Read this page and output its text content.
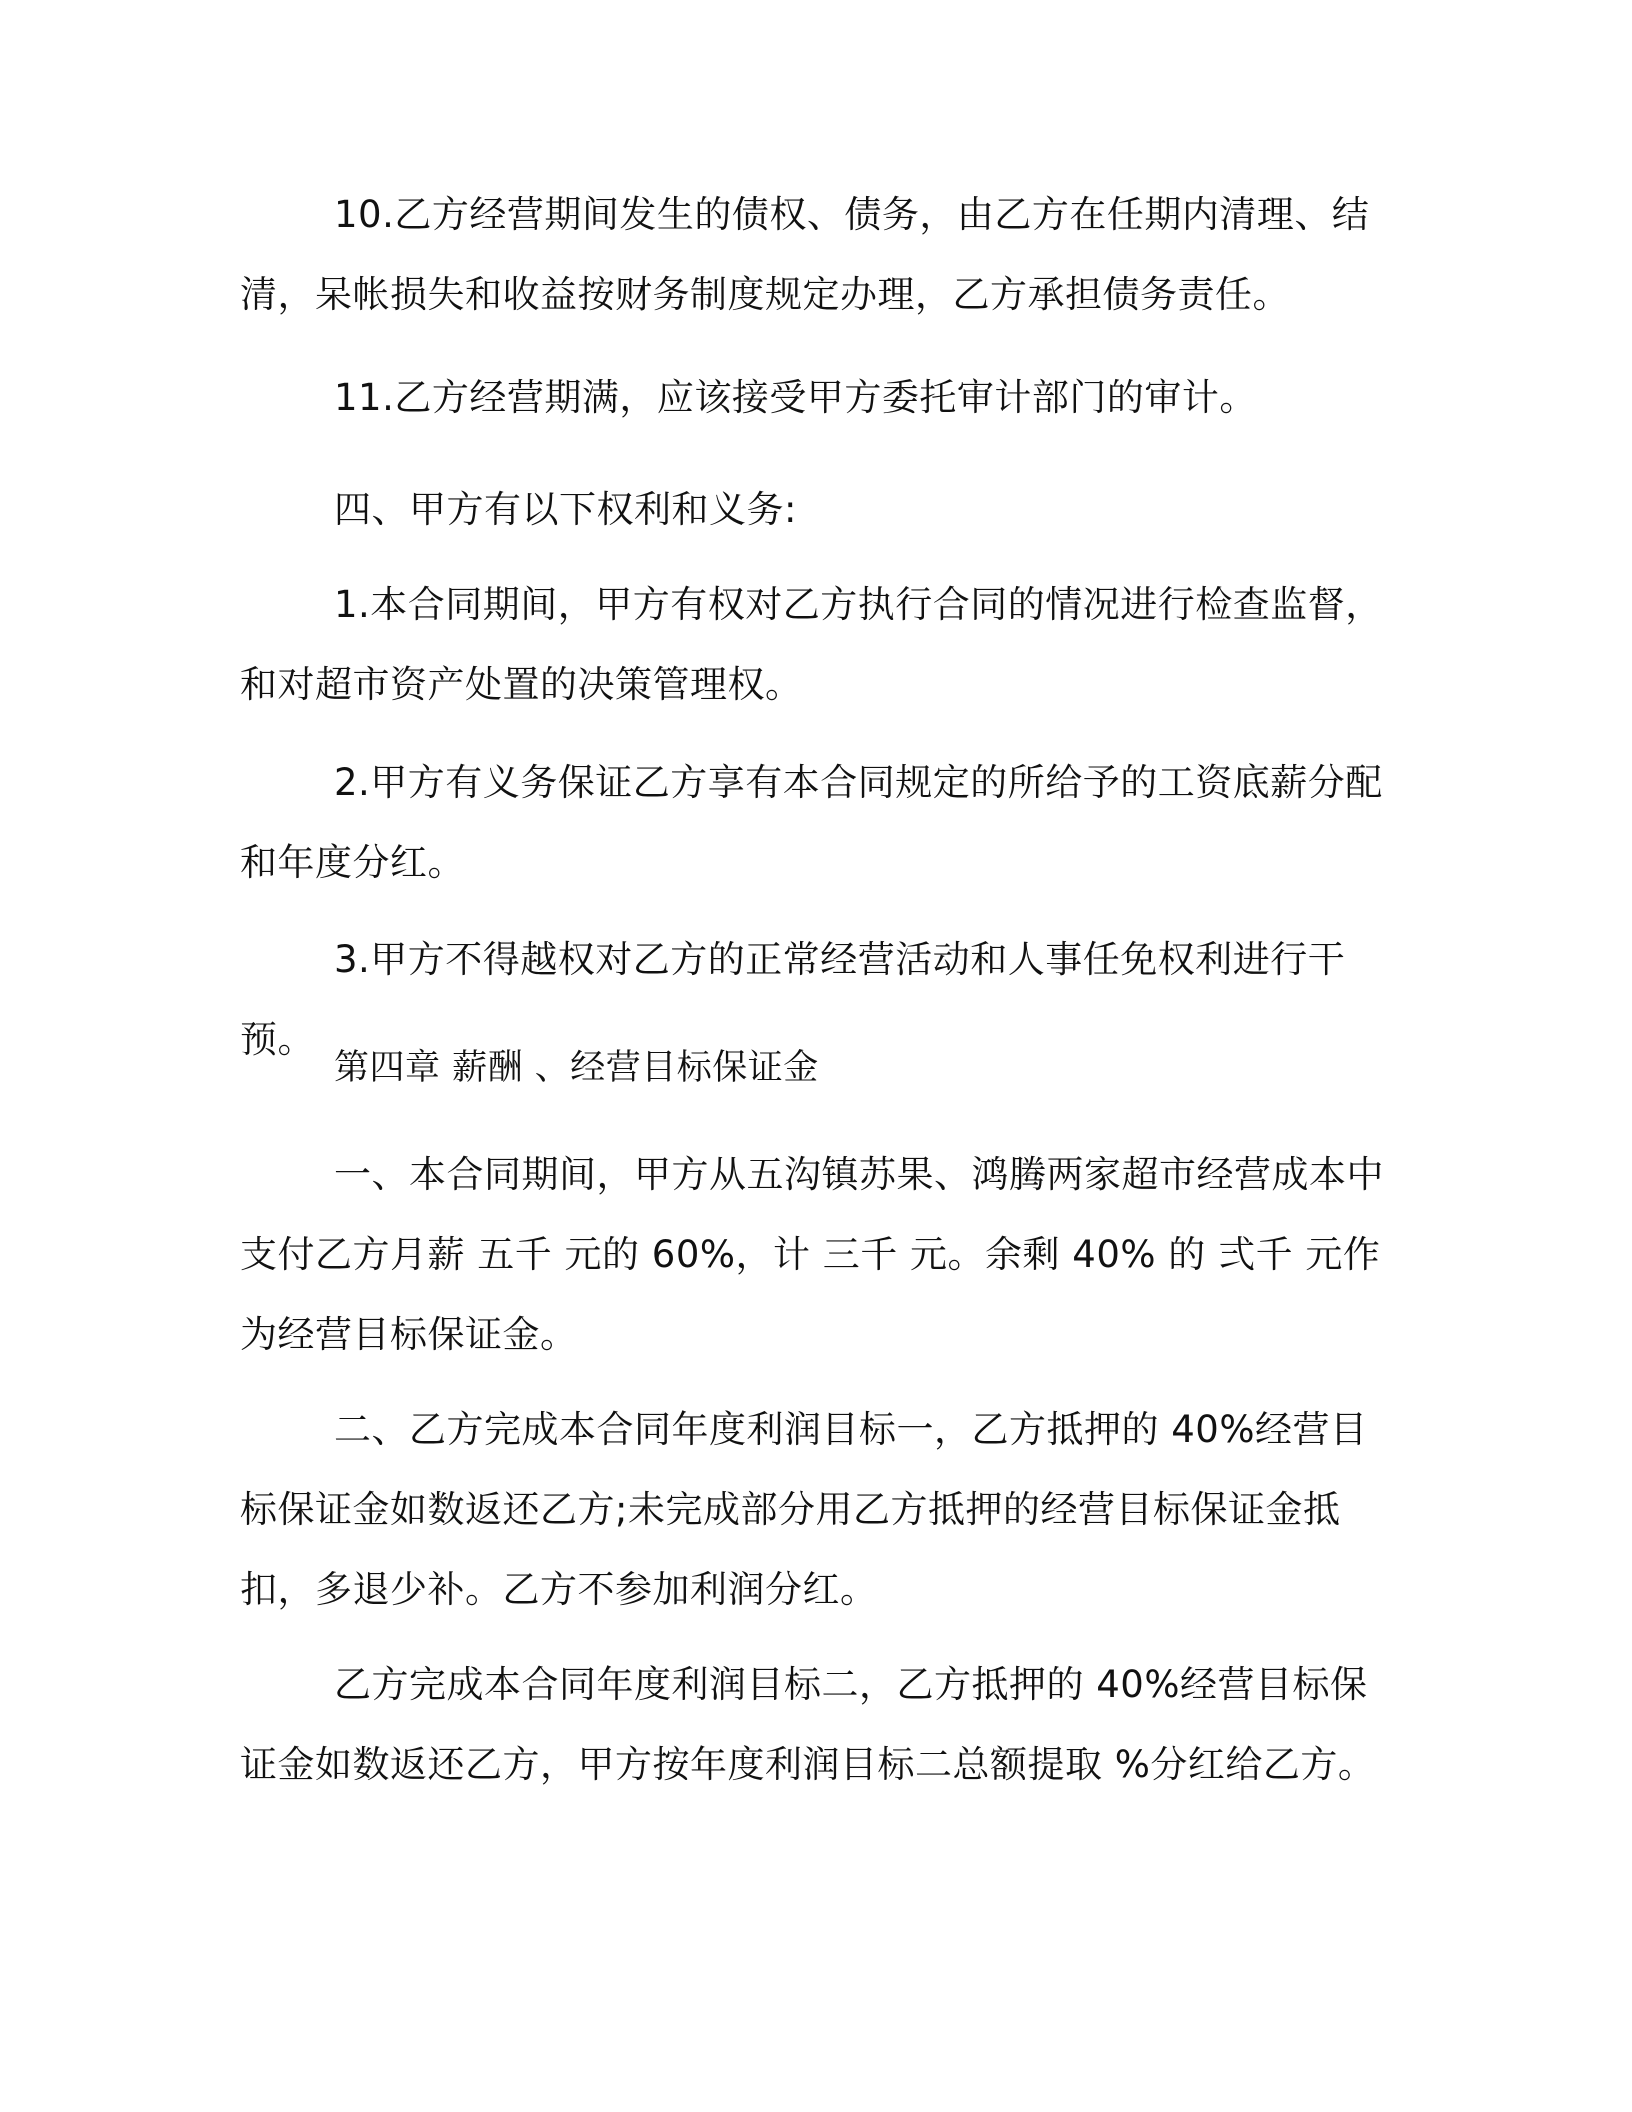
10.乙方经营期间发生的债权、债务，由乙方在任期内清理、结清，呆帐损失和收益按财务制度规定办理，乙方承担债务责任。

11.乙方经营期满，应该接受甲方委托审计部门的审计。

四、甲方有以下权利和义务:

1.本合同期间，甲方有权对乙方执行合同的情况进行检查监督，和对超市资产处置的决策管理权。

2.甲方有义务保证乙方享有本合同规定的所给予的工资底薪分配和年度分红。

3.甲方不得越权对乙方的正常经营活动和人事任免权利进行干预。

第四章 薪酬 、经营目标保证金

一、本合同期间，甲方从五沟镇苏果、鸿腾两家超市经营成本中支付乙方月薪 五千 元的 60%，计 三千 元。余剩 40% 的 弍千 元作为经营目标保证金。

二、乙方完成本合同年度利润目标一，乙方抵押的 40%经营目标保证金如数返还乙方;未完成部分用乙方抵押的经营目标保证金抵扣，多退少补。乙方不参加利润分红。

乙方完成本合同年度利润目标二，乙方抵押的 40%经营目标保证金如数返还乙方，甲方按年度利润目标二总额提取 %分红给乙方。
